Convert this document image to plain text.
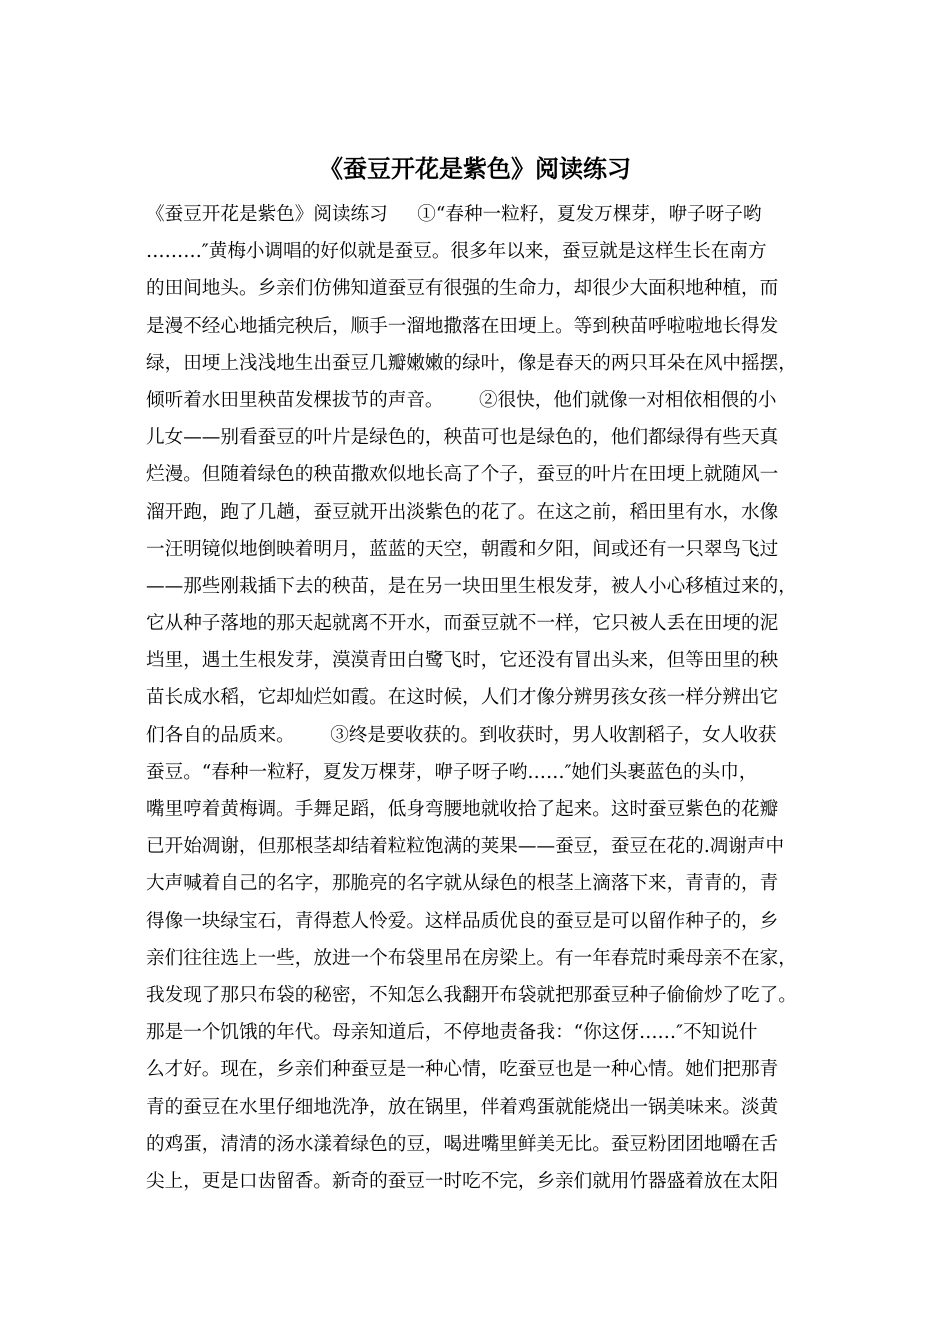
《蚕豆开花是紫色》阅读练习
《蚕豆开花是紫色》阅读练习     ①“春种一粒籽，夏发万棵芽，咿子呀子哟
………″黄梅小调唱的好似就是蚕豆。很多年以来，蚕豆就是这样生长在南方
的田间地头。乡亲们仿佛知道蚕豆有很强的生命力，却很少大面积地种植，而
是漫不经心地插完秧后，顺手一溜地撒落在田埂上。等到秧苗呼啦啦地长得发
绿，田埂上浅浅地生出蚕豆几瓣嫩嫩的绿叶，像是春天的两只耳朵在风中摇摆，
倾听着水田里秧苗发棵拔节的声音。      ②很快，他们就像一对相依相偎的小
儿女——别看蚕豆的叶片是绿色的，秧苗可也是绿色的，他们都绿得有些天真
烂漫。但随着绿色的秧苗撒欢似地长高了个子，蚕豆的叶片在田埂上就随风一
溜开跑，跑了几趟，蚕豆就开出淡紫色的花了。在这之前，稻田里有水，水像
一汪明镜似地倒映着明月，蓝蓝的天空，朝霞和夕阳，间或还有一只翠鸟飞过
——那些刚栽插下去的秧苗，是在另一块田里生根发芽，被人小心移植过来的，
它从种子落地的那天起就离不开水，而蚕豆就不一样，它只被人丢在田埂的泥
垱里，遇土生根发芽，漠漠青田白鹭飞时，它还没有冒出头来，但等田里的秧
苗长成水稻，它却灿烂如霞。在这时候，人们才像分辨男孩女孩一样分辨出它
们各自的品质来。      ③终是要收获的。到收获时，男人收割稻子，女人收获
蚕豆。“春种一粒籽，夏发万棵芽，咿子呀子哟……″她们头裹蓝色的头巾，
嘴里哼着黄梅调。手舞足蹈，低身弯腰地就收拾了起来。这时蚕豆紫色的花瓣
已开始凋谢，但那根茎却结着粒粒饱满的荚果——蚕豆，蚕豆在花的.凋谢声中
大声喊着自己的名字，那脆亮的名字就从绿色的根茎上滴落下来，青青的，青
得像一块绿宝石，青得惹人怜爱。这样品质优良的蚕豆是可以留作种子的，乡
亲们往往选上一些，放进一个布袋里吊在房梁上。有一年春荒时乘母亲不在家，
我发现了那只布袋的秘密，不知怎么我翻开布袋就把那蚕豆种子偷偷炒了吃了。
那是一个饥饿的年代。母亲知道后，不停地责备我：“你这伢……″不知说什
么才好。现在，乡亲们种蚕豆是一种心情，吃蚕豆也是一种心情。她们把那青
青的蚕豆在水里仔细地洗净，放在锅里，伴着鸡蛋就能烧出一锅美味来。淡黄
的鸡蛋，清清的汤水漾着绿色的豆，喝进嘴里鲜美无比。蚕豆粉团团地嚼在舌
尖上，更是口齿留香。新奇的蚕豆一时吃不完，乡亲们就用竹器盛着放在太阳
